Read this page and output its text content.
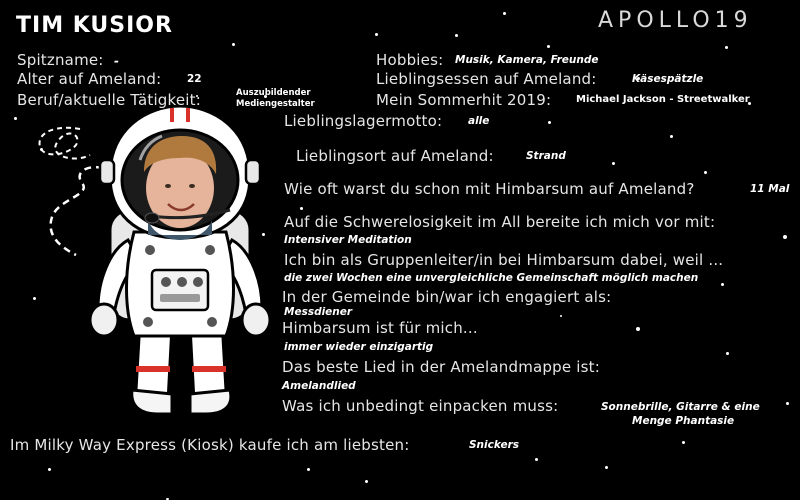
TIM KUSIOR	APOLLO19
Spitzname: -
Alter auf Ameland: 22
Beruf/aktuelle Tätigkeit:	Auszubildender
Mediengestalter
Hobbies: Musik, Kamera, Freunde
Lieblingsessen auf Ameland:	Käsespätzle
Mein Sommerhit 2019: Michael Jackson - Streetwalker
Lieblingslagermotto: alle
Lieblingsort auf Ameland:	Strand
Wie oft warst du schon mit Himbarsum auf Ameland?	11 Mal
Auf die Schwerelosigkeit im All bereite ich mich vor mit:
Intensiver Meditation
Ich bin als Gruppenleiter/in bei Himbarsum dabei, weil ...
die zwei Wochen eine unvergleichliche Gemeinschaft möglich machen
In der Gemeinde bin/war ich engagiert als:
Messdiener
Himbarsum ist für mich...
immer wieder einzigartig
Das beste Lied in der Amelandmappe ist:
Amelandlied
Was ich unbedingt einpacken muss:	Sonnebrille, Gitarre & eine
Menge Phantasie
Im Milky Way Express (Kiosk) kaufe ich am liebsten:	Snickers
